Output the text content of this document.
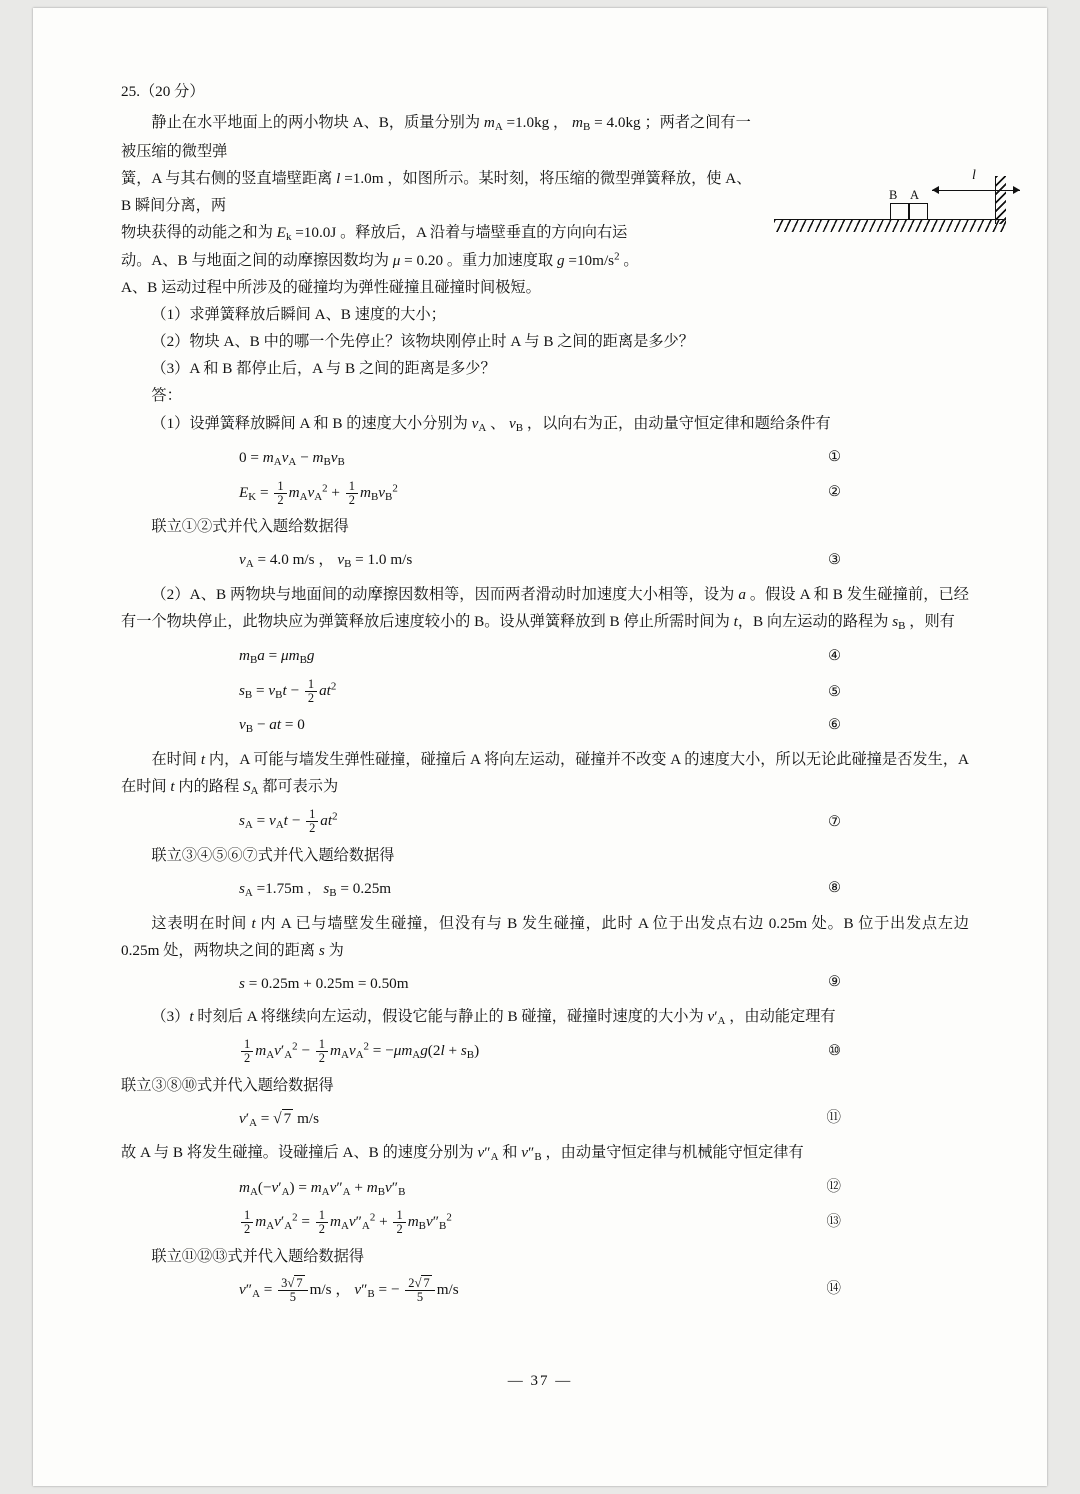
B A
l

25.（20 分）

静止在水平地面上的两小物块 A、B，质量分别为 $m_A =1.0kg$ ， $m_B = 4.0kg$ ；两者之间有一被压缩的微型弹

簧，A 与其右侧的竖直墙壁距离 l =1.0m ，如图所示。某时刻，将压缩的微型弹簧释放，使 A、B 瞬间分离，两

物块获得的动能之和为 $E_k =10.0J$ 。释放后，A 沿着与墙壁垂直的方向向右运

动。A、B 与地面之间的动摩擦因数均为 μ = 0.20 。重力加速度取 $g =10m/s^2$ 。

A、B 运动过程中所涉及的碰撞均为弹性碰撞且碰撞时间极短。

（1）求弹簧释放后瞬间 A、B 速度的大小；

（2）物块 A、B 中的哪一个先停止？该物块刚停止时 A 与 B 之间的距离是多少？

（3）A 和 B 都停止后，A 与 B 之间的距离是多少？

答：

（1）设弹簧释放瞬间 A 和 B 的速度大小分别为 $v_A$ 、 $v_B$ ，以向右为正，由动量守恒定律和题给条件有

$0 = m_Av_A - m_Bv_B$	①
$E_K = \frac{1}{2} m_Av_A^2 + \frac{1}{2} m_Bv_B^2$	②

联立①②式并代入题给数据得

$v_A = 4.0$ m/s ， $v_B = 1.0$ m/s	③

（2）A、B 两物块与地面间的动摩擦因数相等，因而两者滑动时加速度大小相等，设为 a 。假设 A 和 B 发生碰撞前，已经有一个物块停止，此物块应为弹簧释放后速度较小的 B。设从弹簧释放到 B 停止所需时间为 t，B 向左运动的路程为 $s_B$ ，则有

$m_Ba = \mu m_Bg$	④
$s_B = v_Bt - \frac{1}{2} at^2$	⑤
$v_B$ − at = 0	⑥

在时间 t 内，A 可能与墙发生弹性碰撞，碰撞后 A 将向左运动，碰撞并不改变 A 的速度大小，所以无论此碰撞是否发生，A 在时间 t 内的路程 $S_A$ 都可表示为

$s_A = v_At - \frac{1}{2} at^2$	⑦

联立③④⑤⑥⑦式并代入题给数据得

$s_A =1.75m$ ， $s_B = 0.25m$	⑧

这表明在时间 t 内 A 已与墙壁发生碰撞，但没有与 B 发生碰撞，此时 A 位于出发点右边 0.25m 处。B 位于出发点左边 0.25m 处，两物块之间的距离 s 为

s = 0.25m + 0.25m = 0.50m	⑨

（3）t 时刻后 A 将继续向左运动，假设它能与静止的 B 碰撞，碰撞时速度的大小为 $v'_A$ ，由动能定理有

$\frac{1}{2} m_Av'_A^2 - \frac{1}{2} m_Av_A^2 = -\mu m_Ag(2l + s_B)$	⑩

联立③⑧⑩式并代入题给数据得

$v'_A$ = √ 7 m/s	⑪

故 A 与 B 将发生碰撞。设碰撞后 A、B 的速度分别为 $v''_A$ 和 $v''_B$ ，由动量守恒定律与机械能守恒定律有

$m_A(-v'_A) = m_Av''_A + m_Bv''_B$	⑫
$\frac{1}{2} m_Av'_A^2 = \frac{1}{2} m_Av''_A^2 + \frac{1}{2} m_Bv''_B^2$	⑬

联立⑪⑫⑬式并代入题给数据得

$v''_A = \frac{3√ 7}{5} m/s$ ， $v''_B$ = − $\frac{2√ 7}{5} m/s$	⑭
— 37 —
